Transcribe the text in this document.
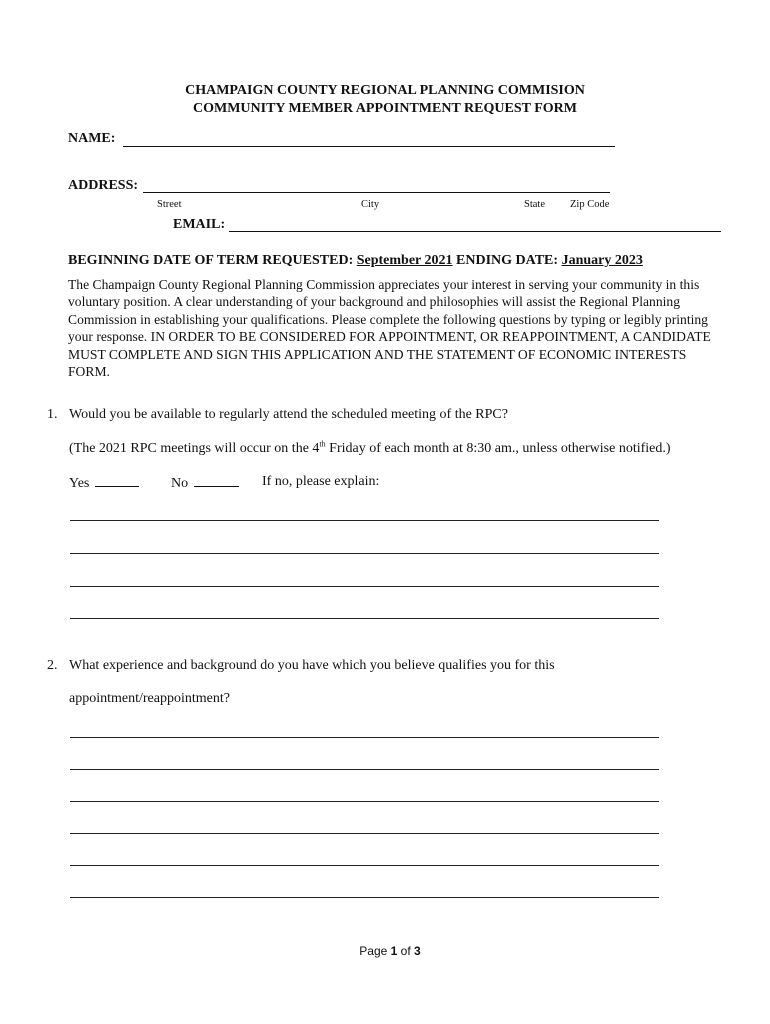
CHAMPAIGN COUNTY REGIONAL PLANNING COMMISION
COMMUNITY MEMBER APPOINTMENT REQUEST FORM
NAME:
ADDRESS:
Street	City	State Zip Code
EMAIL:
BEGINNING DATE OF TERM REQUESTED: September 2021 ENDING DATE: January 2023
The Champaign County Regional Planning Commission appreciates your interest in serving your community in this voluntary position. A clear understanding of your background and philosophies will assist the Regional Planning Commission in establishing your qualifications. Please complete the following questions by typing or legibly printing your response. IN ORDER TO BE CONSIDERED FOR APPOINTMENT, OR REAPPOINTMENT, A CANDIDATE MUST COMPLETE AND SIGN THIS APPLICATION AND THE STATEMENT OF ECONOMIC INTERESTS FORM.
1. Would you be available to regularly attend the scheduled meeting of the RPC?
(The 2021 RPC meetings will occur on the 4th Friday of each month at 8:30 am., unless otherwise notified.)
Yes	No	If no, please explain:
2. What experience and background do you have which you believe qualifies you for this
appointment/reappointment?
Page 1 of 3
